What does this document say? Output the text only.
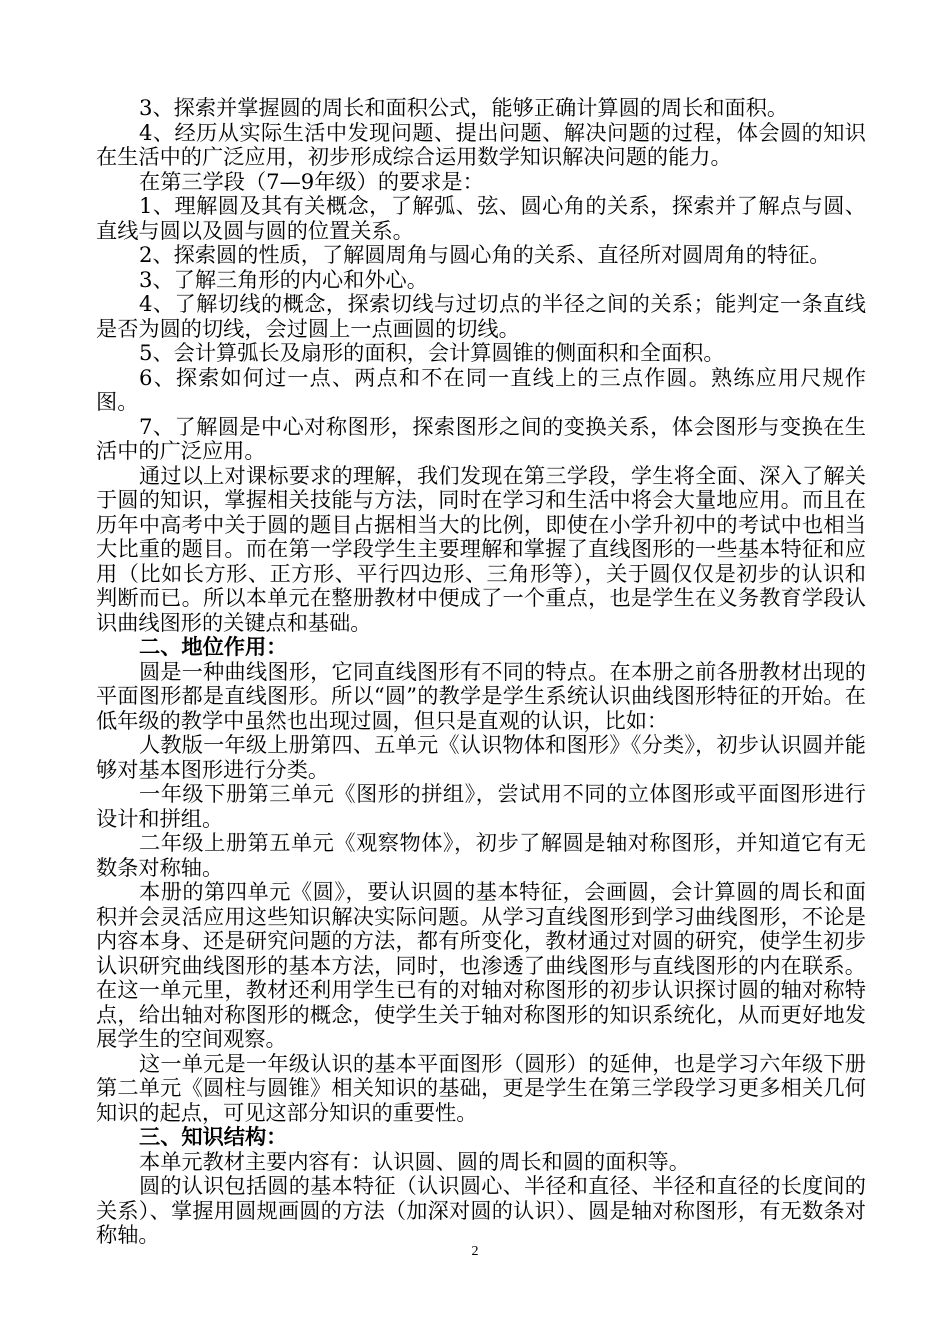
3、探索并掌握圆的周长和面积公式，能够正确计算圆的周长和面积。

4、经历从实际生活中发现问题、提出问题、解决问题的过程，体会圆的知识在生活中的广泛应用，初步形成综合运用数学知识解决问题的能力。

在第三学段（7—9年级）的要求是：

1、理解圆及其有关概念，了解弧、弦、圆心角的关系，探索并了解点与圆、直线与圆以及圆与圆的位置关系。

2、探索圆的性质，了解圆周角与圆心角的关系、直径所对圆周角的特征。

3、了解三角形的内心和外心。

4、了解切线的概念，探索切线与过切点的半径之间的关系；能判定一条直线是否为圆的切线，会过圆上一点画圆的切线。

5、会计算弧长及扇形的面积，会计算圆锥的侧面积和全面积。

6、探索如何过一点、两点和不在同一直线上的三点作圆。熟练应用尺规作图。

7、了解圆是中心对称图形，探索图形之间的变换关系，体会图形与变换在生活中的广泛应用。

通过以上对课标要求的理解，我们发现在第三学段，学生将全面、深入了解关于圆的知识，掌握相关技能与方法，同时在学习和生活中将会大量地应用。而且在历年中高考中关于圆的题目占据相当大的比例，即使在小学升初中的考试中也相当大比重的题目。而在第一学段学生主要理解和掌握了直线图形的一些基本特征和应用（比如长方形、正方形、平行四边形、三角形等），关于圆仅仅是初步的认识和判断而已。所以本单元在整册教材中便成了一个重点，也是学生在义务教育学段认识曲线图形的关键点和基础。

二、地位作用：

圆是一种曲线图形，它同直线图形有不同的特点。在本册之前各册教材出现的平面图形都是直线图形。所以“圆”的教学是学生系统认识曲线图形特征的开始。在低年级的教学中虽然也出现过圆，但只是直观的认识，比如：

人教版一年级上册第四、五单元《认识物体和图形》《分类》，初步认识圆并能够对基本图形进行分类。

一年级下册第三单元《图形的拼组》，尝试用不同的立体图形或平面图形进行设计和拼组。

二年级上册第五单元《观察物体》，初步了解圆是轴对称图形，并知道它有无数条对称轴。

本册的第四单元《圆》，要认识圆的基本特征，会画圆，会计算圆的周长和面积并会灵活应用这些知识解决实际问题。从学习直线图形到学习曲线图形，不论是内容本身、还是研究问题的方法，都有所变化，教材通过对圆的研究，使学生初步认识研究曲线图形的基本方法，同时，也渗透了曲线图形与直线图形的内在联系。在这一单元里，教材还利用学生已有的对轴对称图形的初步认识探讨圆的轴对称特点，给出轴对称图形的概念，使学生关于轴对称图形的知识系统化，从而更好地发展学生的空间观察。

这一单元是一年级认识的基本平面图形（圆形）的延伸，也是学习六年级下册第二单元《圆柱与圆锥》相关知识的基础，更是学生在第三学段学习更多相关几何知识的起点，可见这部分知识的重要性。

三、知识结构：

本单元教材主要内容有：认识圆、圆的周长和圆的面积等。

圆的认识包括圆的基本特征（认识圆心、半径和直径、半径和直径的长度间的关系）、掌握用圆规画圆的方法（加深对圆的认识）、圆是轴对称图形，有无数条对称轴。

2
